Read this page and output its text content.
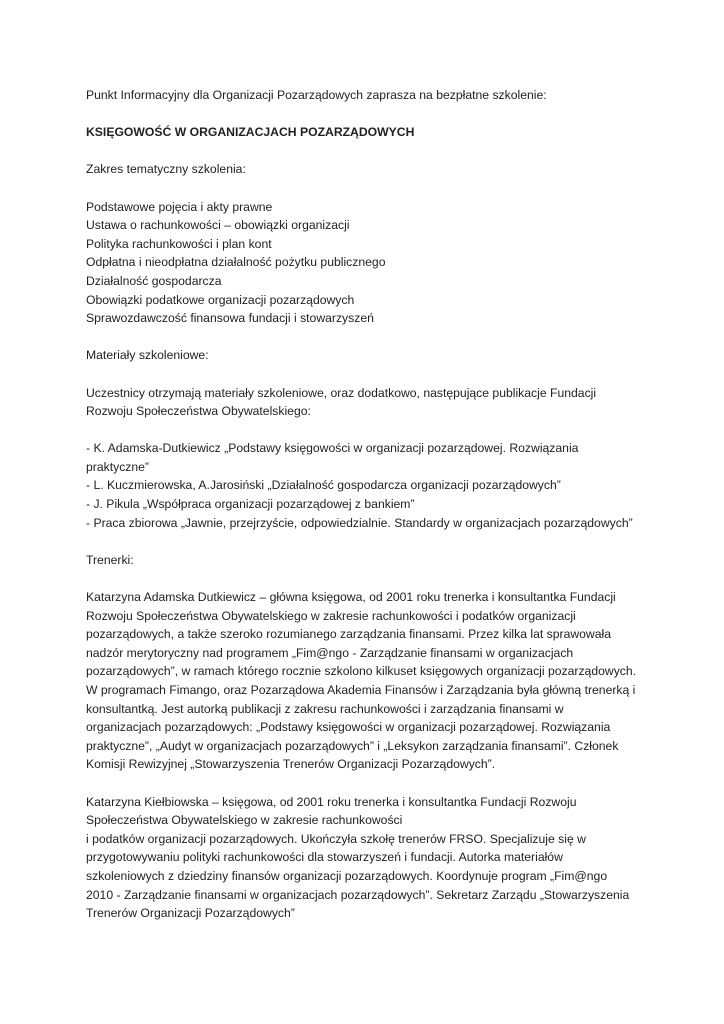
Punkt Informacyjny dla Organizacji Pozarządowych zaprasza na bezpłatne szkolenie:
KSIĘGOWOŚĆ W ORGANIZACJACH POZARZĄDOWYCH
Zakres tematyczny szkolenia:
Podstawowe pojęcia i akty prawne
Ustawa o rachunkowości – obowiązki organizacji
Polityka rachunkowości i plan kont
Odpłatna i nieodpłatna działalność pożytku publicznego
Działalność gospodarcza
Obowiązki podatkowe organizacji pozarządowych
Sprawozdawczość finansowa fundacji i stowarzyszeń
Materiały szkoleniowe:
Uczestnicy otrzymają materiały szkoleniowe, oraz dodatkowo, następujące publikacje Fundacji
Rozwoju Społeczeństwa Obywatelskiego:
- K. Adamska-Dutkiewicz „Podstawy księgowości w organizacji pozarządowej. Rozwiązania
praktyczne”
- L. Kuczmierowska, A.Jarosiński „Działalność gospodarcza organizacji pozarządowych”
- J. Pikula „Współpraca organizacji pozarządowej z bankiem”
- Praca zbiorowa „Jawnie, przejrzyście, odpowiedzialnie. Standardy w organizacjach pozarządowych”
Trenerki:
Katarzyna Adamska Dutkiewicz – główna księgowa, od 2001 roku trenerka i konsultantka Fundacji
Rozwoju Społeczeństwa Obywatelskiego w zakresie rachunkowości i podatków organizacji
pozarządowych, a także szeroko rozumianego zarządzania finansami. Przez kilka lat sprawowała
nadzór merytoryczny nad programem „Fim@ngo - Zarządzanie finansami w organizacjach
pozarządowych”, w ramach którego rocznie szkolono kilkuset księgowych organizacji pozarządowych.
W programach Fimango, oraz Pozarządowa Akademia Finansów i Zarządzania była główną trenerką i
konsultantką. Jest autorką publikacji z zakresu rachunkowości i zarządzania finansami w
organizacjach pozarządowych: „Podstawy księgowości w organizacji pozarządowej. Rozwiązania
praktyczne”, „Audyt w organizacjach pozarządowych” i „Leksykon zarządzania finansami”. Członek
Komisji Rewizyjnej „Stowarzyszenia Trenerów Organizacji Pozarządowych”.
Katarzyna Kiełbiowska – księgowa, od 2001 roku trenerka i konsultantka Fundacji Rozwoju
Społeczeństwa Obywatelskiego w zakresie rachunkowości
i podatków organizacji pozarządowych. Ukończyła szkołę trenerów FRSO. Specjalizuje się w
przygotowywaniu polityki rachunkowości dla stowarzyszeń i fundacji. Autorka materiałów
szkoleniowych z dziedziny finansów organizacji pozarządowych. Koordynuje program „Fim@ngo
2010 - Zarządzanie finansami w organizacjach pozarządowych”. Sekretarz Zarządu „Stowarzyszenia
Trenerów Organizacji Pozarządowych”
